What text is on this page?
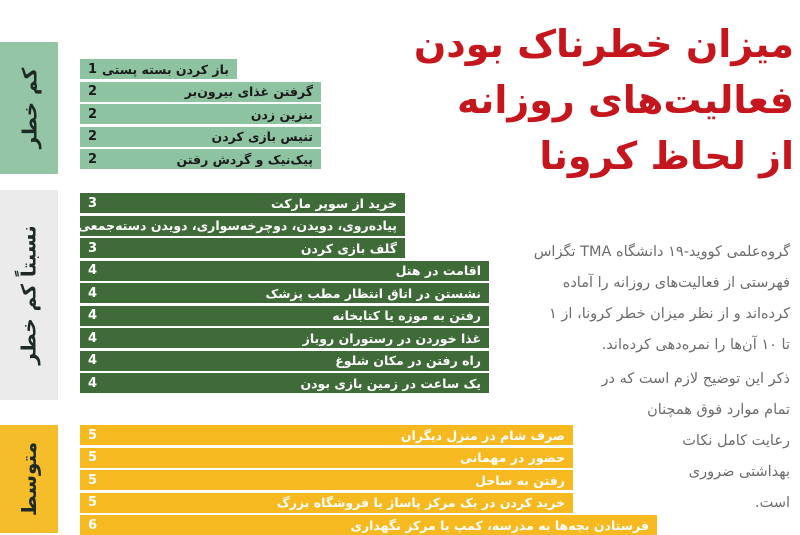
میزان خطرناک بودن
فعالیت‌های روزانه
از لحاظ کرونا
گروه‌علمی کووید-۱۹ دانشگاه TMA تگزاس
فهرستی از فعالیت‌های روزانه را آماده
کرده‌اند و از نظر میزان خطر کرونا، از ۱
تا ۱۰ آن‌ها را نمره‌دهی کرده‌اند.
ذکر این توضیح لازم است که در
تمام موارد فوق همچنان
رعایت کامل نکات
بهداشتی ضروری
است.
کم خطر
نسبتاً کم خطر
متوسط
باز کردن بسته پستی
1
گرفتن غذای بیرون‌بر
2
بنزین زدن
2
تنیس بازی کردن
2
پیک‌نیک و گردش رفتن
2
خرید از سوپر مارکت
3
پیاده‌روی، دویدن، دوچرخه‌سواری، دویدن دسته‌جمعی
3
گلف بازی کردن
3
اقامت در هتل
4
نشستن در اتاق انتظار مطب پزشک
4
رفتن به موزه یا کتابخانه
4
غذا خوردن در رستوران روباز
4
راه رفتن در مکان شلوغ
4
یک ساعت در زمین بازی بودن
4
صرف شام در منزل دیگران
5
حضور در مهمانی
5
رفتن به ساحل
5
خرید کردن در یک مرکز پاساژ یا فروشگاه بزرگ
5
فرستادن بچه‌ها به مدرسه، کمپ یا مرکز نگهداری
6
